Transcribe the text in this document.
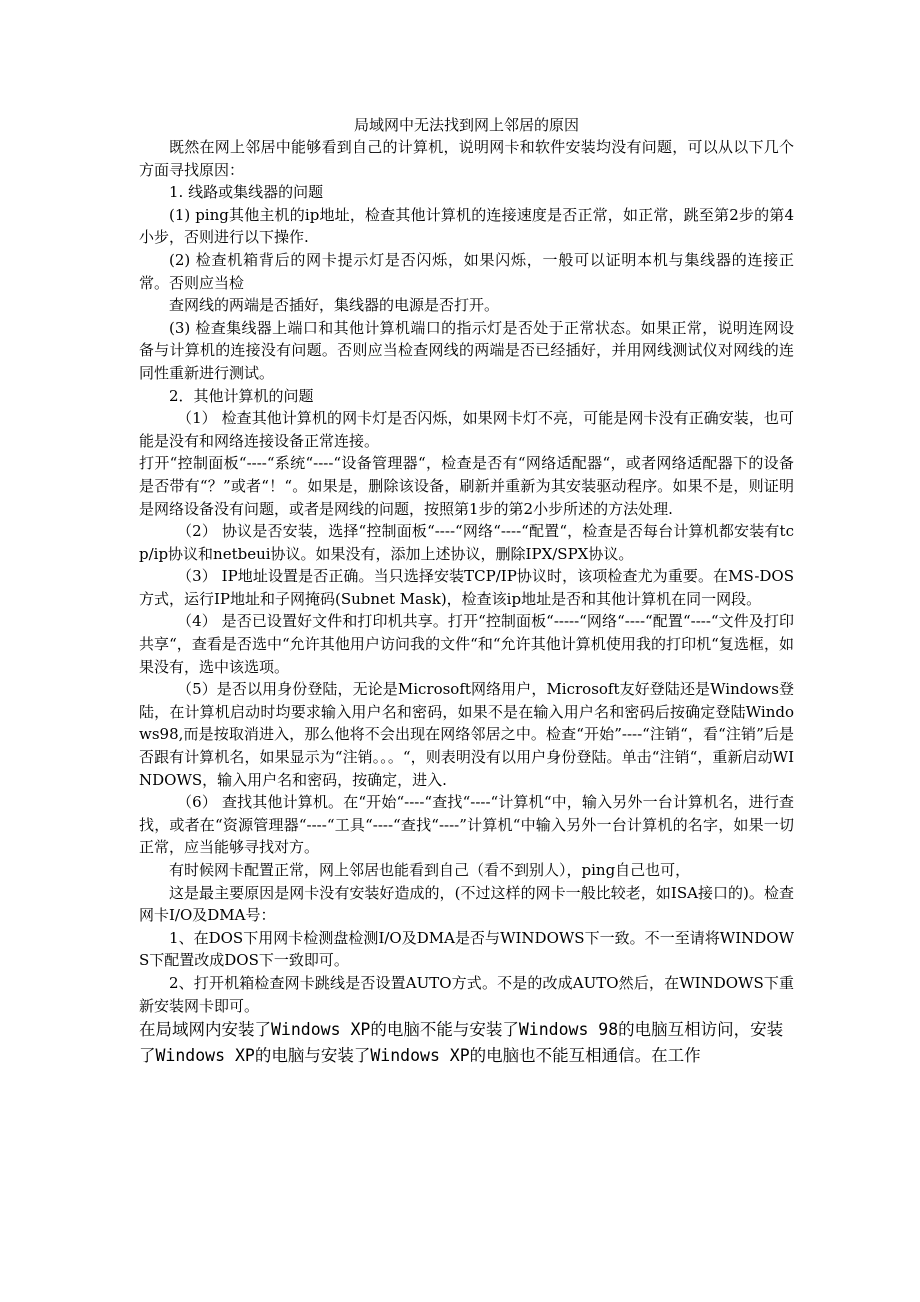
局域网中无法找到网上邻居的原因

既然在网上邻居中能够看到自己的计算机，说明网卡和软件安装均没有问题，可以从以下几个方面寻找原因：

1. 线路或集线器的问题

(1) ping其他主机的ip地址，检查其他计算机的连接速度是否正常，如正常，跳至第2步的第4小步，否则进行以下操作.

(2) 检查机箱背后的网卡提示灯是否闪烁，如果闪烁，一般可以证明本机与集线器的连接正常。否则应当检

查网线的两端是否插好，集线器的电源是否打开。

(3) 检查集线器上端口和其他计算机端口的指示灯是否处于正常状态。如果正常，说明连网设备与计算机的连接没有问题。否则应当检查网线的两端是否已经插好，并用网线测试仪对网线的连同性重新进行测试。

2．其他计算机的问题

（1） 检查其他计算机的网卡灯是否闪烁，如果网卡灯不亮，可能是网卡没有正确安装，也可能是没有和网络连接设备正常连接。

打开“控制面板“----“系统“----“设备管理器“，检查是否有“网络适配器“，或者网络适配器下的设备是否带有“？”或者“！“。如果是，删除该设备，刷新并重新为其安装驱动程序。如果不是，则证明是网络设备没有问题，或者是网线的问题，按照第1步的第2小步所述的方法处理.

（2） 协议是否安装，选择“控制面板“----“网络“----“配置“，检查是否每台计算机都安装有tcp/ip协议和netbeui协议。如果没有，添加上述协议，删除IPX/SPX协议。

（3） IP地址设置是否正确。当只选择安装TCP/IP协议时，该项检查尤为重要。在MS-DOS方式，运行IP地址和子网掩码(Subnet Mask)，检查该ip地址是否和其他计算机在同一网段。

（4） 是否已设置好文件和打印机共享。打开“控制面板“-----“网络“----“配置“----“文件及打印共享“，查看是否选中“允许其他用户访问我的文件“和“允许其他计算机使用我的打印机“复选框，如果没有，选中该选项。

（5）是否以用身份登陆，无论是Microsoft网络用户，Microsoft友好登陆还是Windows登陆，在计算机启动时均要求输入用户名和密码，如果不是在输入用户名和密码后按确定登陆Windows98,而是按取消进入，那么他将不会出现在网络邻居之中。检查“开始”----“注销“，看“注销”后是否跟有计算机名，如果显示为“注销。。。“，则表明没有以用户身份登陆。单击“注销“，重新启动WINDOWS，输入用户名和密码，按确定，进入.

（6） 查找其他计算机。在“开始“----“查找“----“计算机“中，输入另外一台计算机名，进行查找，或者在“资源管理器“----“工具“----“查找“----”计算机“中输入另外一台计算机的名字，如果一切正常，应当能够寻找对方。

有时候网卡配置正常，网上邻居也能看到自己（看不到别人），ping自己也可，

这是最主要原因是网卡没有安装好造成的，(不过这样的网卡一般比较老，如ISA接口的)。检查网卡I/O及DMA号：

1、在DOS下用网卡检测盘检测I/O及DMA是否与WINDOWS下一致。不一至请将WINDOWS下配置改成DOS下一致即可。

2、打开机箱检查网卡跳线是否设置AUTO方式。不是的改成AUTO然后，在WINDOWS下重新安装网卡即可。

在局域网内安装了Windows XP的电脑不能与安装了Windows 98的电脑互相访问，安装了Windows XP的电脑与安装了Windows XP的电脑也不能互相通信。在工作
